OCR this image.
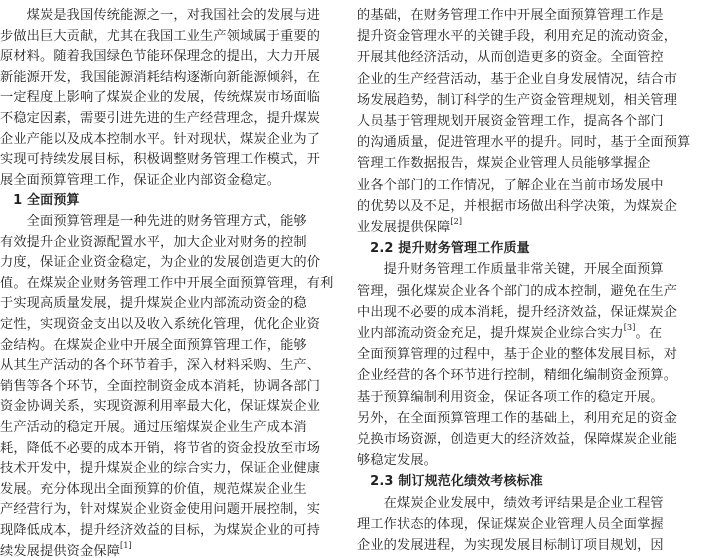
　　煤炭是我国传统能源之一，对我国社会的发展与进
步做出巨大贡献，尤其在我国工业生产领域属于重要的
原材料。随着我国绿色节能环保理念的提出，大力开展
新能源开发，我国能源消耗结构逐渐向新能源倾斜，在
一定程度上影响了煤炭企业的发展，传统煤炭市场面临
不稳定因素，需要引进先进的生产经营理念，提升煤炭
企业产能以及成本控制水平。针对现状，煤炭企业为了
实现可持续发展目标，积极调整财务管理工作模式，开
展全面预算管理工作，保证企业内部资金稳定。
　1 全面预算
　　全面预算管理是一种先进的财务管理方式，能够
有效提升企业资源配置水平，加大企业对财务的控制
力度，保证企业资金稳定，为企业的发展创造更大的价
值。在煤炭企业财务管理工作中开展全面预算管理，有利
于实现高质量发展，提升煤炭企业内部流动资金的稳
定性，实现资金支出以及收入系统化管理，优化企业资
金结构。在煤炭企业中开展全面预算管理工作，能够
从其生产活动的各个环节着手，深入材料采购、生产、
销售等各个环节，全面控制资金成本消耗，协调各部门
资金协调关系，实现资源利用率最大化，保证煤炭企业
生产活动的稳定开展。通过压缩煤炭企业生产成本消
耗，降低不必要的成本开销，将节省的资金投放至市场
技术开发中，提升煤炭企业的综合实力，保证企业健康
发展。充分体现出全面预算的价值，规范煤炭企业生
产经营行为，针对煤炭企业资金使用问题开展控制，实
现降低成本，提升经济效益的目标，为煤炭企业的可持
续发展提供资金保障[1]
的基础，在财务管理工作中开展全面预算管理工作是
提升资金管理水平的关键手段，利用充足的流动资金，
开展其他经济活动，从而创造更多的资金。全面管控
企业的生产经营活动，基于企业自身发展情况，结合市
场发展趋势，制订科学的生产资金管理规划，相关管理
人员基于管理规划开展资金管理工作，提高各个部门
的沟通质量，促进管理水平的提升。同时，基于全面预算
管理工作数据报告，煤炭企业管理人员能够掌握企
业各个部门的工作情况，了解企业在当前市场发展中
的优势以及不足，并根据市场做出科学决策，为煤炭企
业发展提供保障[2]
　2.2 提升财务管理工作质量
　　提升财务管理工作质量非常关键，开展全面预算
管理，强化煤炭企业各个部门的成本控制，避免在生产
中出现不必要的成本消耗，提升经济效益，保证煤炭企
业内部流动资金充足，提升煤炭企业综合实力[3]。在
全面预算管理的过程中，基于企业的整体发展目标，对
企业经营的各个环节进行控制，精细化编制资金预算。
基于预算编制利用资金，保证各项工作的稳定开展。
另外，在全面预算管理工作的基础上，利用充足的资金
兑换市场资源，创造更大的经济效益，保障煤炭企业能
够稳定发展。
　2.3 制订规范化绩效考核标准
　　在煤炭企业发展中，绩效考评结果是企业工程管
理工作状态的体现，保证煤炭企业管理人员全面掌握
企业的发展进程，为实现发展目标制订项目规划，因
